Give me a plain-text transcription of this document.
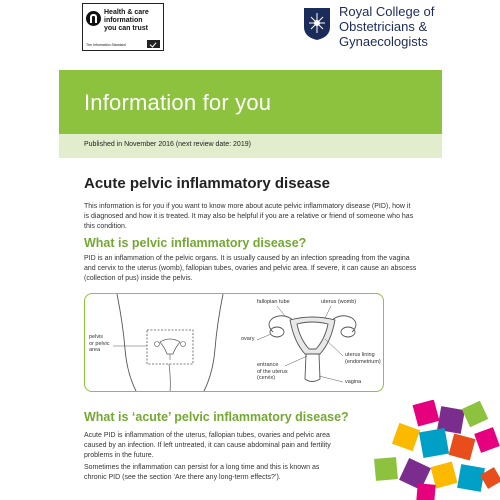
Health & care
information
you can trust
The Information Standard
Royal College of
Obstetricians &
Gynaecologists
Information for you
Published in November 2016 (next review date: 2019)
Acute pelvic inflammatory disease
This information is for you if you want to know more about acute pelvic inflammatory disease (PID), how it
is diagnosed and how it is treated. It may also be helpful if you are a relative or friend of someone who has
this condition.
What is pelvic inflammatory disease?
PID is an inflammation of the pelvic organs. It is usually caused by an infection spreading from the vagina
and cervix to the uterus (womb), fallopian tubes, ovaries and pelvic area. If severe, it can cause an abscess
(collection of pus) inside the pelvis.
pelvis
or pelvic
area
fallopian tube	uterus (womb)
ovary
uterus lining
(endometrium)
entrance
of the uterus
(cervix)
vagina
What is ‘acute’ pelvic inflammatory disease?
Acute PID is inflammation of the uterus, fallopian tubes, ovaries and pelvic area
caused by an infection. If left untreated, it can cause abdominal pain and fertility
problems in the future.
Sometimes the inflammation can persist for a long time and this is known as
chronic PID (see the section ‘Are there any long-term effects?’).
